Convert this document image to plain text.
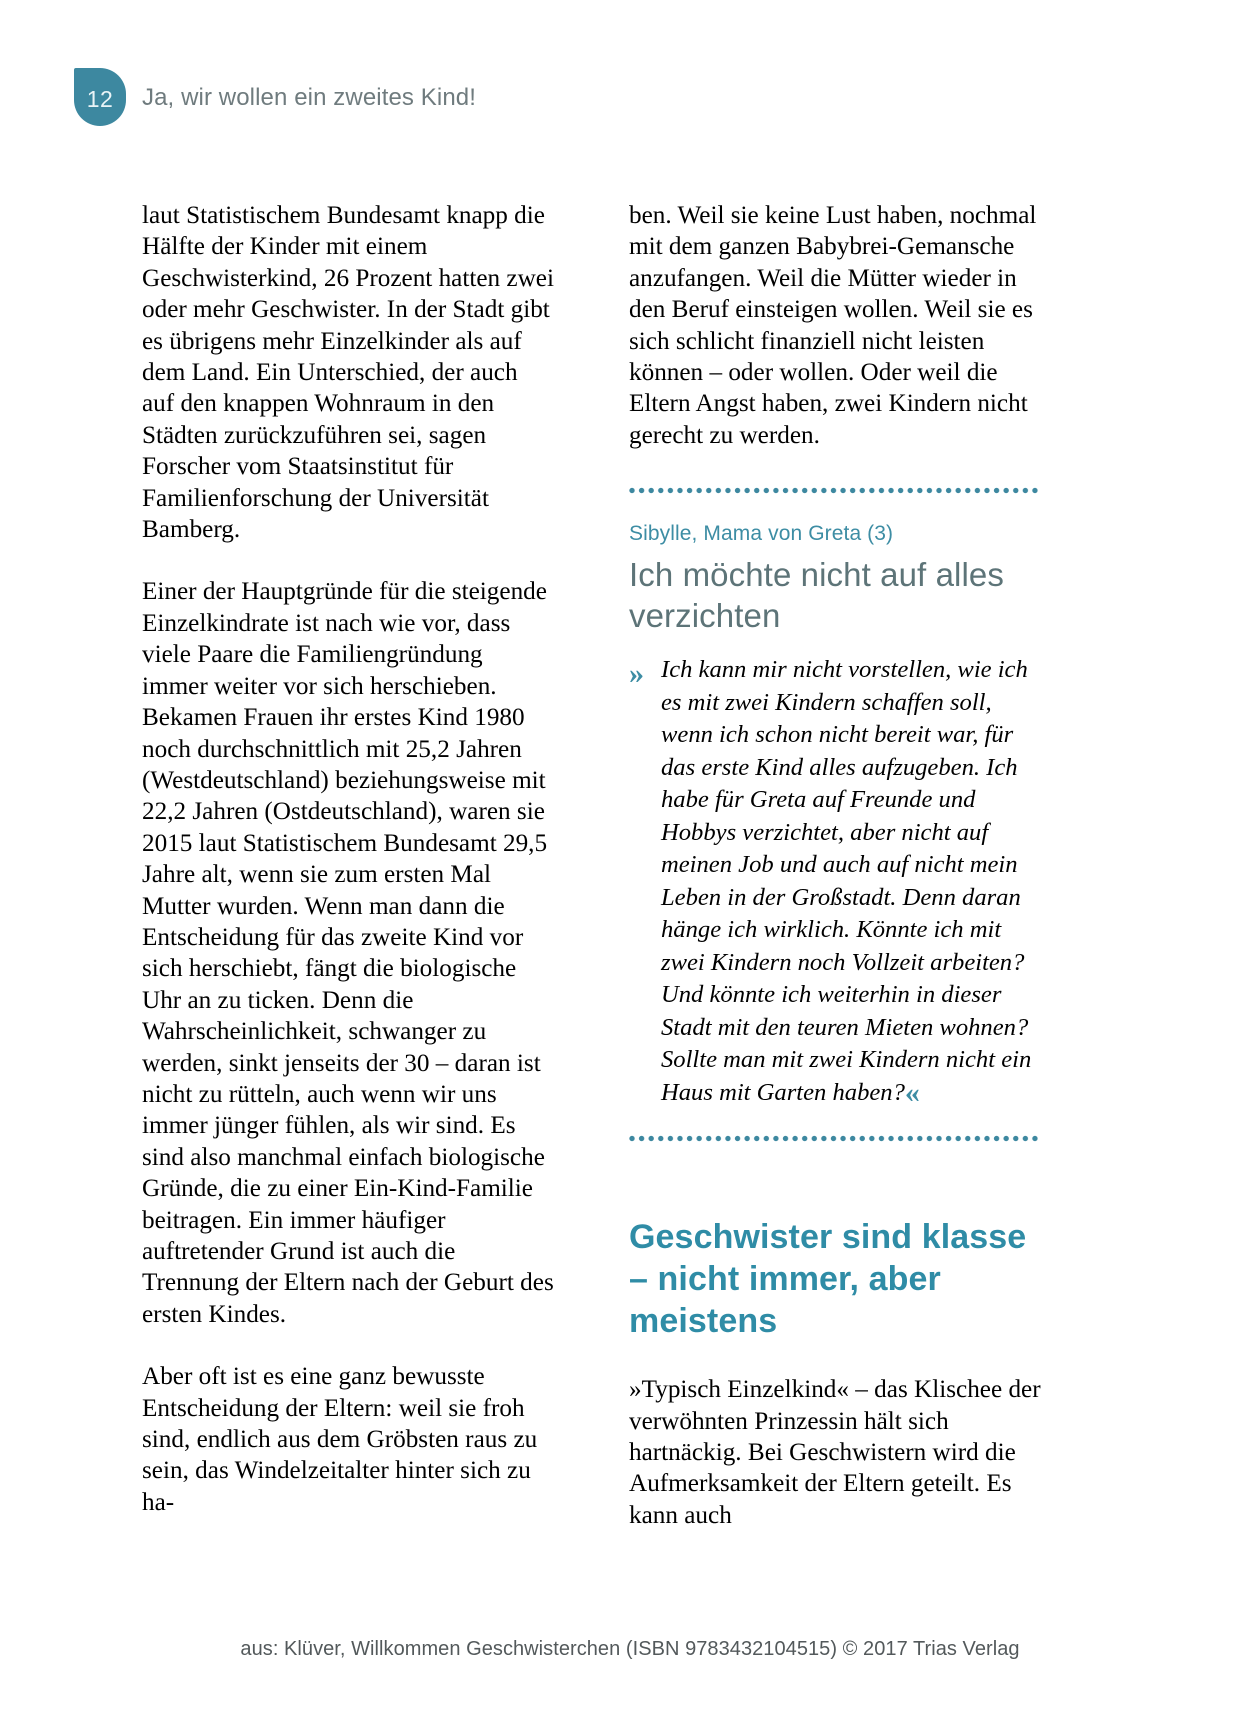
12 Ja, wir wollen ein zweites Kind!

laut Statistischem Bundesamt knapp die Hälfte der Kinder mit einem Geschwisterkind, 26 Prozent hatten zwei oder mehr Geschwister. In der Stadt gibt es übrigens mehr Einzelkinder als auf dem Land. Ein Unterschied, der auch auf den knappen Wohnraum in den Städten zurückzuführen sei, sagen Forscher vom Staatsinstitut für Familienforschung der Universität Bamberg.

Einer der Hauptgründe für die steigende Einzelkindrate ist nach wie vor, dass viele Paare die Familiengründung immer weiter vor sich herschieben. Bekamen Frauen ihr erstes Kind 1980 noch durchschnittlich mit 25,2 Jahren (Westdeutschland) beziehungsweise mit 22,2 Jahren (Ostdeutschland), waren sie 2015 laut Statistischem Bundesamt 29,5 Jahre alt, wenn sie zum ersten Mal Mutter wurden. Wenn man dann die Entscheidung für das zweite Kind vor sich herschiebt, fängt die biologische Uhr an zu ticken. Denn die Wahrscheinlichkeit, schwanger zu werden, sinkt jenseits der 30 – daran ist nicht zu rütteln, auch wenn wir uns immer jünger fühlen, als wir sind. Es sind also manchmal einfach biologische Gründe, die zu einer Ein-Kind-Familie beitragen. Ein immer häufiger auftretender Grund ist auch die Trennung der Eltern nach der Geburt des ersten Kindes.

Aber oft ist es eine ganz bewusste Entscheidung der Eltern: weil sie froh sind, endlich aus dem Gröbsten raus zu sein, das Windelzeitalter hinter sich zu ha-

ben. Weil sie keine Lust haben, nochmal mit dem ganzen Babybrei-Gemansche anzufangen. Weil die Mütter wieder in den Beruf einsteigen wollen. Weil sie es sich schlicht finanziell nicht leisten können – oder wollen. Oder weil die Eltern Angst haben, zwei Kindern nicht gerecht zu werden.

Sibylle, Mama von Greta (3)
Ich möchte nicht auf alles verzichten
» Ich kann mir nicht vorstellen, wie ich es mit zwei Kindern schaffen soll, wenn ich schon nicht bereit war, für das erste Kind alles aufzugeben. Ich habe für Greta auf Freunde und Hobbys verzichtet, aber nicht auf meinen Job und auch auf nicht mein Leben in der Großstadt. Denn daran hänge ich wirklich. Könnte ich mit zwei Kindern noch Vollzeit arbeiten? Und könnte ich weiterhin in dieser Stadt mit den teuren Mieten wohnen? Sollte man mit zwei Kindern nicht ein Haus mit Garten haben?«
Geschwister sind klasse – nicht immer, aber meistens

»Typisch Einzelkind« – das Klischee der verwöhnten Prinzessin hält sich hartnäckig. Bei Geschwistern wird die Aufmerksamkeit der Eltern geteilt. Es kann auch

aus: Klüver, Willkommen Geschwisterchen (ISBN 9783432104515) © 2017 Trias Verlag
